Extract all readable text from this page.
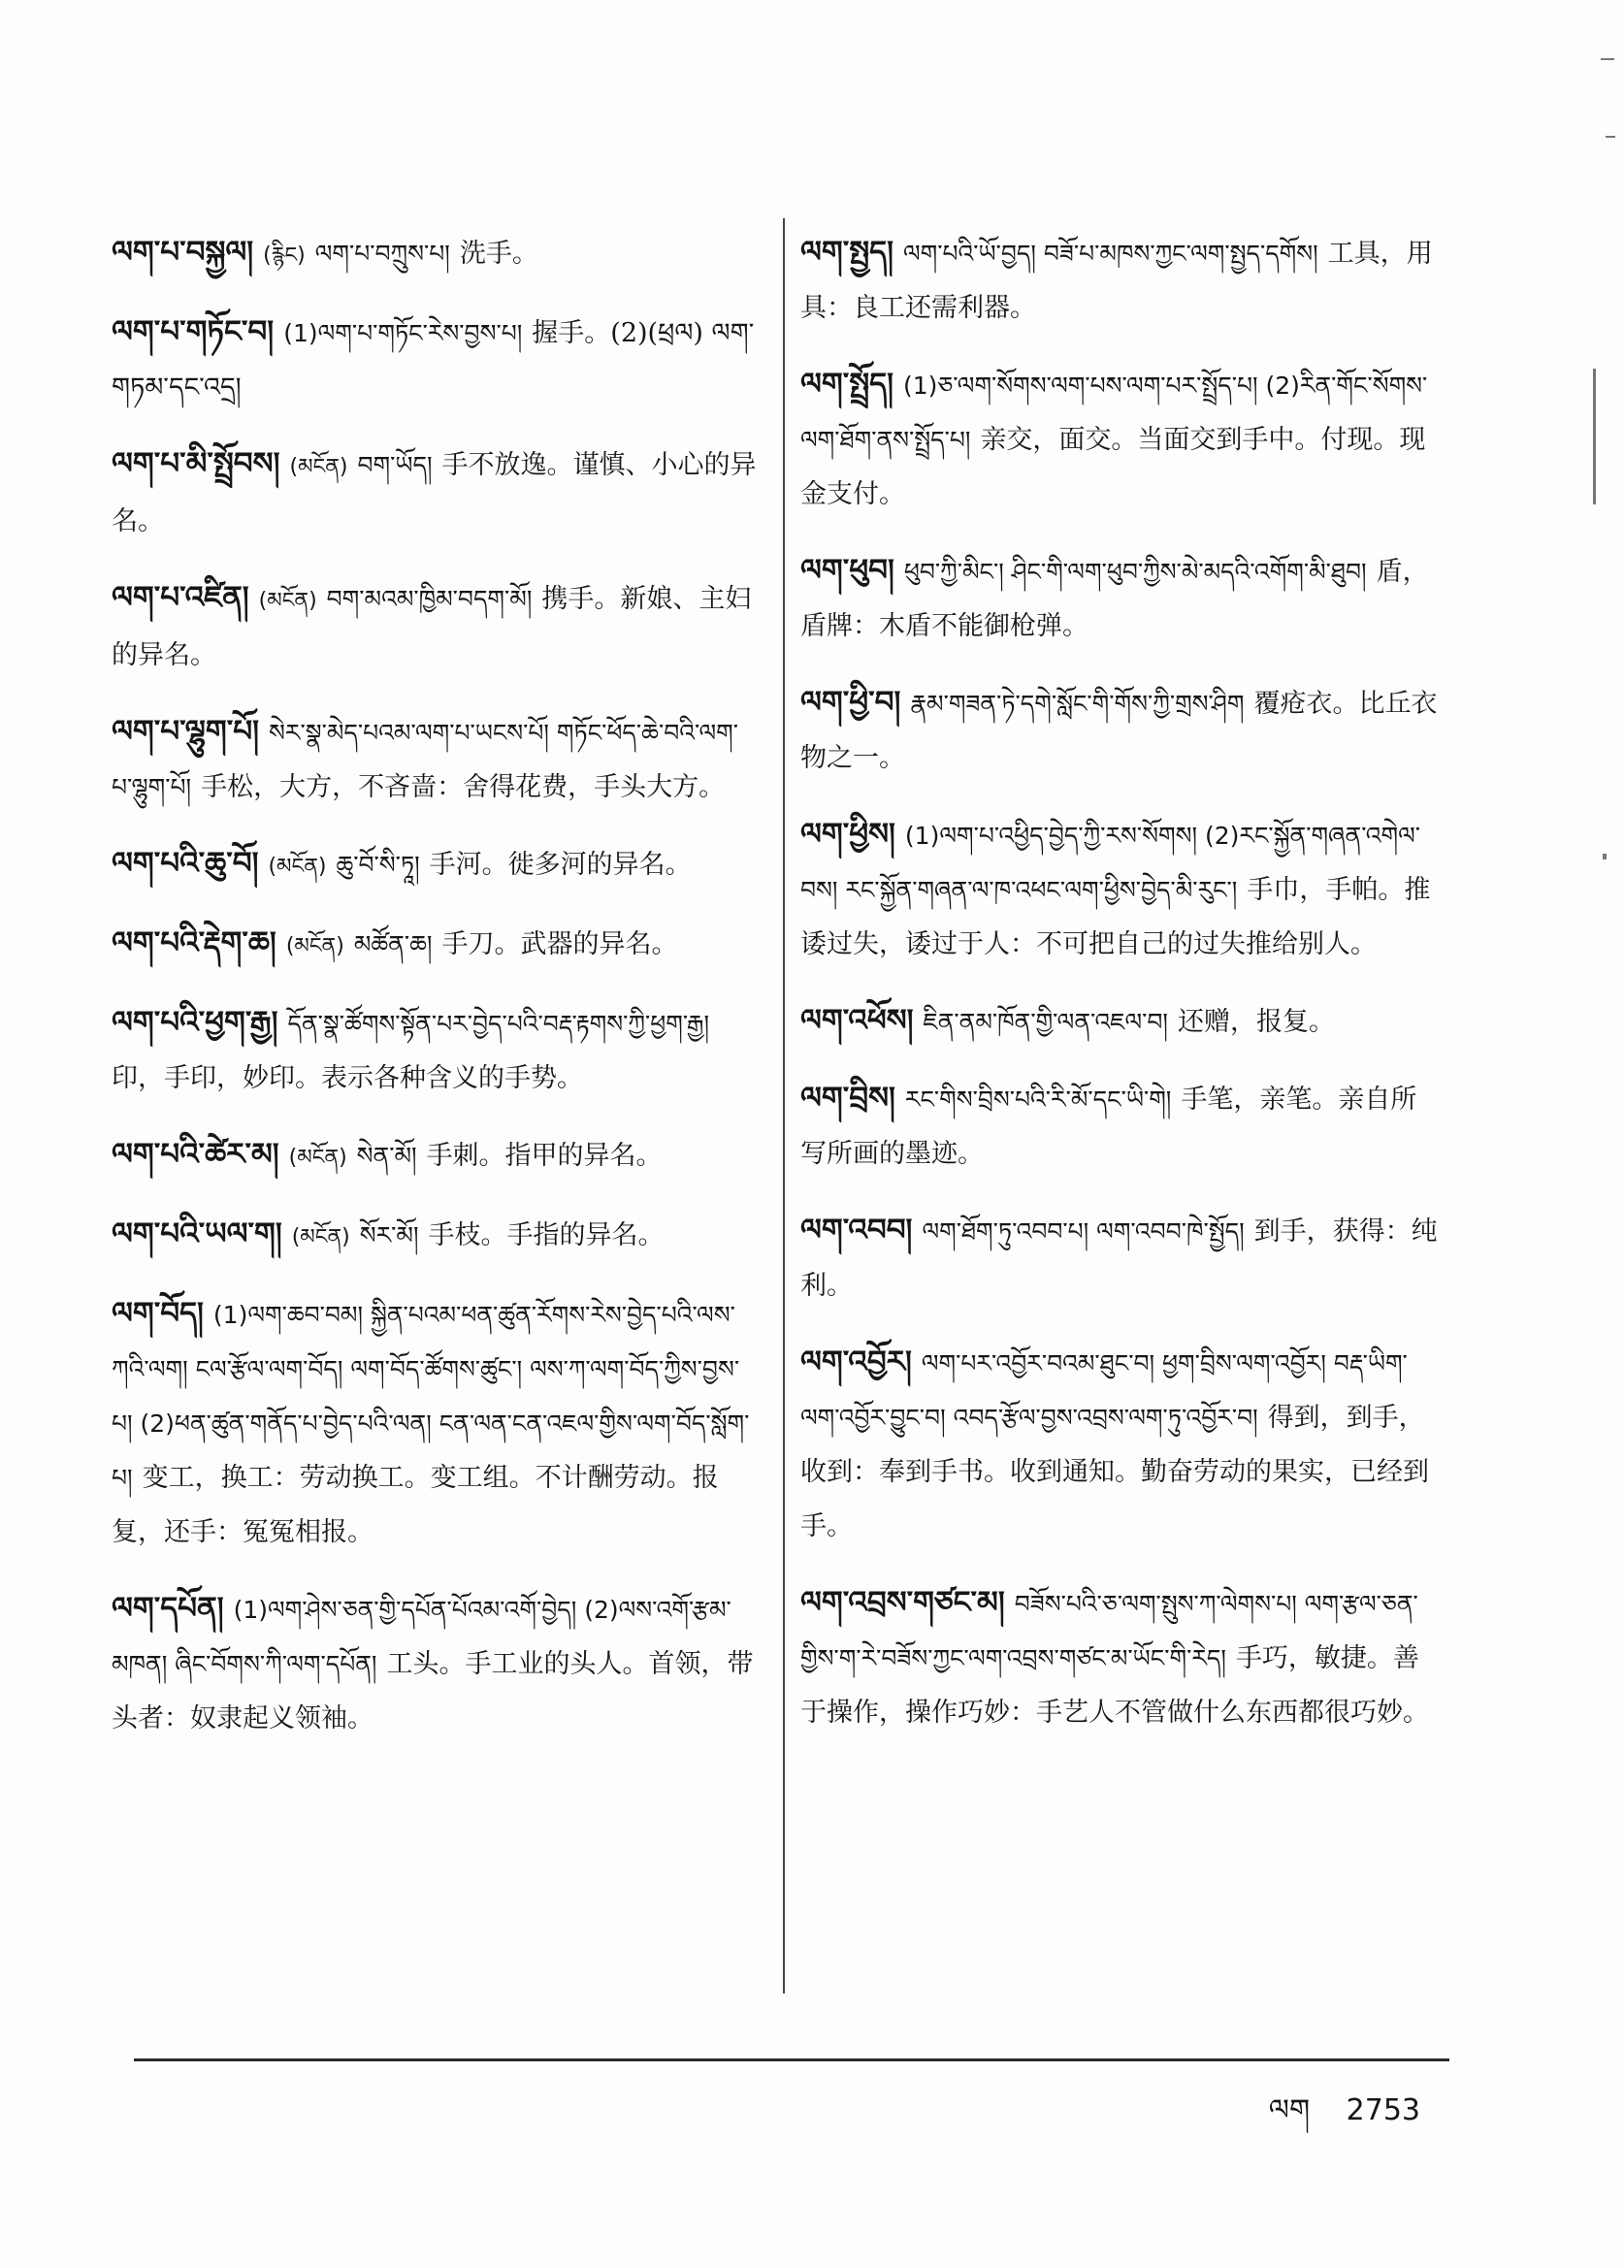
ལག་པ་བསྐྱལ། (རྙིང) ལག་པ་བཀྲུས་པ། 洗手。
ལག་པ་གཏོང་བ། (1)ལག་པ་གཏོང་རེས་བྱས་པ། 握手。(2)(ཕྲལ) ལག་གཏམ་དང་འདྲ།
ལག་པ་མི་སྤྲོབས། (མངོན) བག་ཡོད། 手不放逸。谨慎、小心的异名。
ལག་པ་འཛིན། (མངོན) བག་མའམ་ཁྱིམ་བདག་མོ། 携手。新娘、主妇的异名。
ལག་པ་ལྷུག་པོ། སེར་སྣ་མེད་པའམ་ལག་པ་ཡངས་པོ། གཏོང་ཕོད་ཆེ་བའི་ལག་པ་ལྷུག་པོ། 手松，大方，不吝啬：舍得花费，手头大方。
ལག་པའི་ཆུ་བོ། (མངོན) ཆུ་བོ་སི་ཏཱ། 手河。徙多河的异名。
ལག་པའི་རྡེག་ཆ། (མངོན) མཚོན་ཆ། 手刀。武器的异名。
ལག་པའི་ཕྱག་རྒྱ། དོན་སྣ་ཚོགས་སྟོན་པར་བྱེད་པའི་བརྡ་རྟགས་ཀྱི་ཕྱག་རྒྱ།印，手印，妙印。表示各种含义的手势。
ལག་པའི་ཚེར་མ། (མངོན) སེན་མོ། 手刺。指甲的异名。
ལག་པའི་ཡལ་ག། (མངོན) སོར་མོ། 手枝。手指的异名。
ལག་བོད། (1)ལག་ཆབ་བམ། སྐྱིན་པའམ་ཕན་ཚུན་རོགས་རེས་བྱེད་པའི་ལས་ཀའི་ལག། ངལ་རྩོལ་ལག་བོད། ལག་བོད་ཚོགས་ཚུང་། ལས་ཀ་ལག་བོད་ཀྱིས་བྱས་པ། (2)ཕན་ཚུན་གནོད་པ་བྱེད་པའི་ལན། ངན་ལན་ངན་འཇལ་གྱིས་ལག་བོད་སློག་པ། 变工，换工：劳动换工。变工组。不计酬劳动。报复，还手：冤冤相报。
ལག་དཔོན། (1)ལག་ཤེས་ཅན་གྱི་དཔོན་པོའམ་འགོ་བྱེད། (2)ལས་འགོ་རྩམ་མཁན། ཞིང་བོགས་ཀི་ལག་དཔོན། 工头。手工业的头人。首领，带头者：奴隶起义领袖。
ལག་སྤྱད། ལག་པའི་ཡོ་བྱད། བཟོ་པ་མཁས་ཀྱང་ལག་སྤྱད་དགོས། 工具，用具：良工还需利器。
ལག་སྤྲོད། (1)ཅ་ལག་སོགས་ལག་པས་ལག་པར་སྤྲོད་པ། (2)རིན་གོང་སོགས་ལག་ཐོག་ནས་སྤྲོད་པ། 亲交，面交。当面交到手中。付现。现金支付。
ལག་ཕུབ། ཕུབ་ཀྱི་མིང་། ཤིང་གི་ལག་ཕུབ་ཀྱིས་མེ་མདའི་འགོག་མི་ཐུབ། 盾，盾牌：木盾不能御枪弹。
ལག་ཕྱི་བ། རྣམ་གཟན་ཏེ་དགེ་སློང་གི་གོས་ཀྱི་གྲས་ཤིག 覆疮衣。比丘衣物之一。
ལག་ཕྱིས། (1)ལག་པ་འཕྱིད་བྱེད་ཀྱི་རས་སོགས། (2)རང་སྐྱོན་གཞན་འགེལ་བས། རང་སྐྱོན་གཞན་ལ་ཁ་འཕང་ལག་ཕྱིས་བྱེད་མི་རུང་། 手巾，手帕。推诿过失，诿过于人：不可把自己的过失推给别人。
ལག་འཕོས། ཇིན་ནམ་ཁོན་གྱི་ལན་འཇལ་བ། 还赠，报复。
ལག་བྲིས། རང་གིས་བྲིས་པའི་རི་མོ་དང་ཡི་གེ། 手笔，亲笔。亲自所写所画的墨迹。
ལག་འབབ། ལག་ཐོག་ཏུ་འབབ་པ། ལག་འབབ་ཁེ་སྤྱོད། 到手，获得：纯利。
ལག་འབྱོར། ལག་པར་འབྱོར་བའམ་ཐུང་བ། ཕྱག་བྲིས་ལག་འབྱོར། བརྡ་ཡིག་ལག་འབྱོར་བྱུང་བ། འབད་རྩོལ་བྱས་འབྲས་ལག་ཏུ་འབྱོར་བ། 得到，到手，收到：奉到手书。收到通知。勤奋劳动的果实，已经到手。
ལག་འབྲས་གཙང་མ། བཟོས་པའི་ཅ་ལག་སྤུས་ཀ་ལེགས་པ། ལག་རྩལ་ཅན་གྱིས་ག་རེ་བཟོས་ཀྱང་ལག་འབྲས་གཙང་མ་ཡོང་གི་རེད། 手巧，敏捷。善于操作，操作巧妙：手艺人不管做什么东西都很巧妙。
ལག 2753
